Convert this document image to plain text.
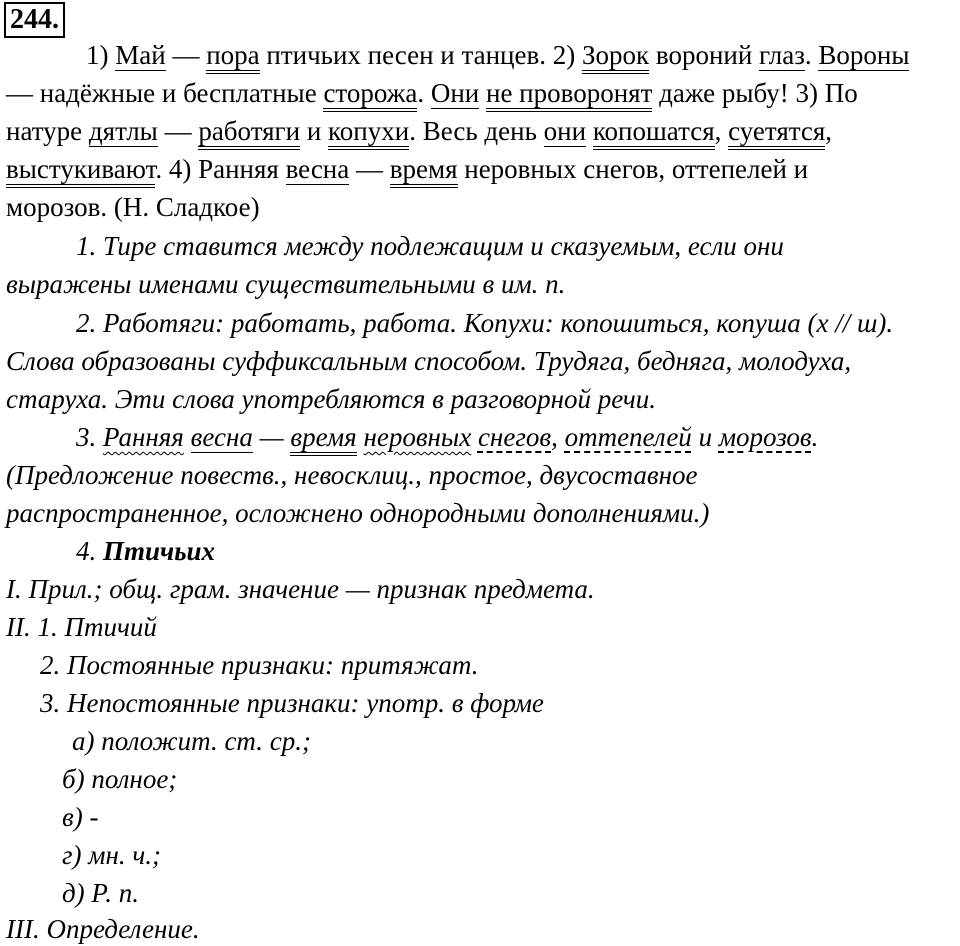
244.
1) Май — пора птичьих песен и танцев. 2) Зорок вороний глаз. Вороны
— надёжные и бесплатные сторожа. Они не проворонят даже рыбу! 3) По
натуре дятлы — работяги и копухи. Весь день они копошатся, суетятся,
выстукивают. 4) Ранняя весна — время неровных снегов, оттепелей и
морозов. (Н. Сладкое)
1. Тире ставится между подлежащим и сказуемым, если они
выражены именами существительными в им. п.
2. Работяги: работать, работа. Копухи: копошиться, копуша (х // ш).
Слова образованы суффиксальным способом. Трудяга, бедняга, молодуха,
старуха. Эти слова употребляются в разговорной речи.
3. Ранняя весна — время неровных снегов, оттепелей и морозов.
(Предложение повеств., невосклиц., простое, двусоставное
распространенное, осложнено однородными дополнениями.)
4. Птичьих
I. Прил.; общ. грам. значение — признак предмета.
II. 1. Птичий
2. Постоянные признаки: притяжат.
3. Непостоянные признаки: употр. в форме
а) положит. ст. ср.;
б) полное;
в) -
г) мн. ч.;
д) Р. п.
III. Определение.
